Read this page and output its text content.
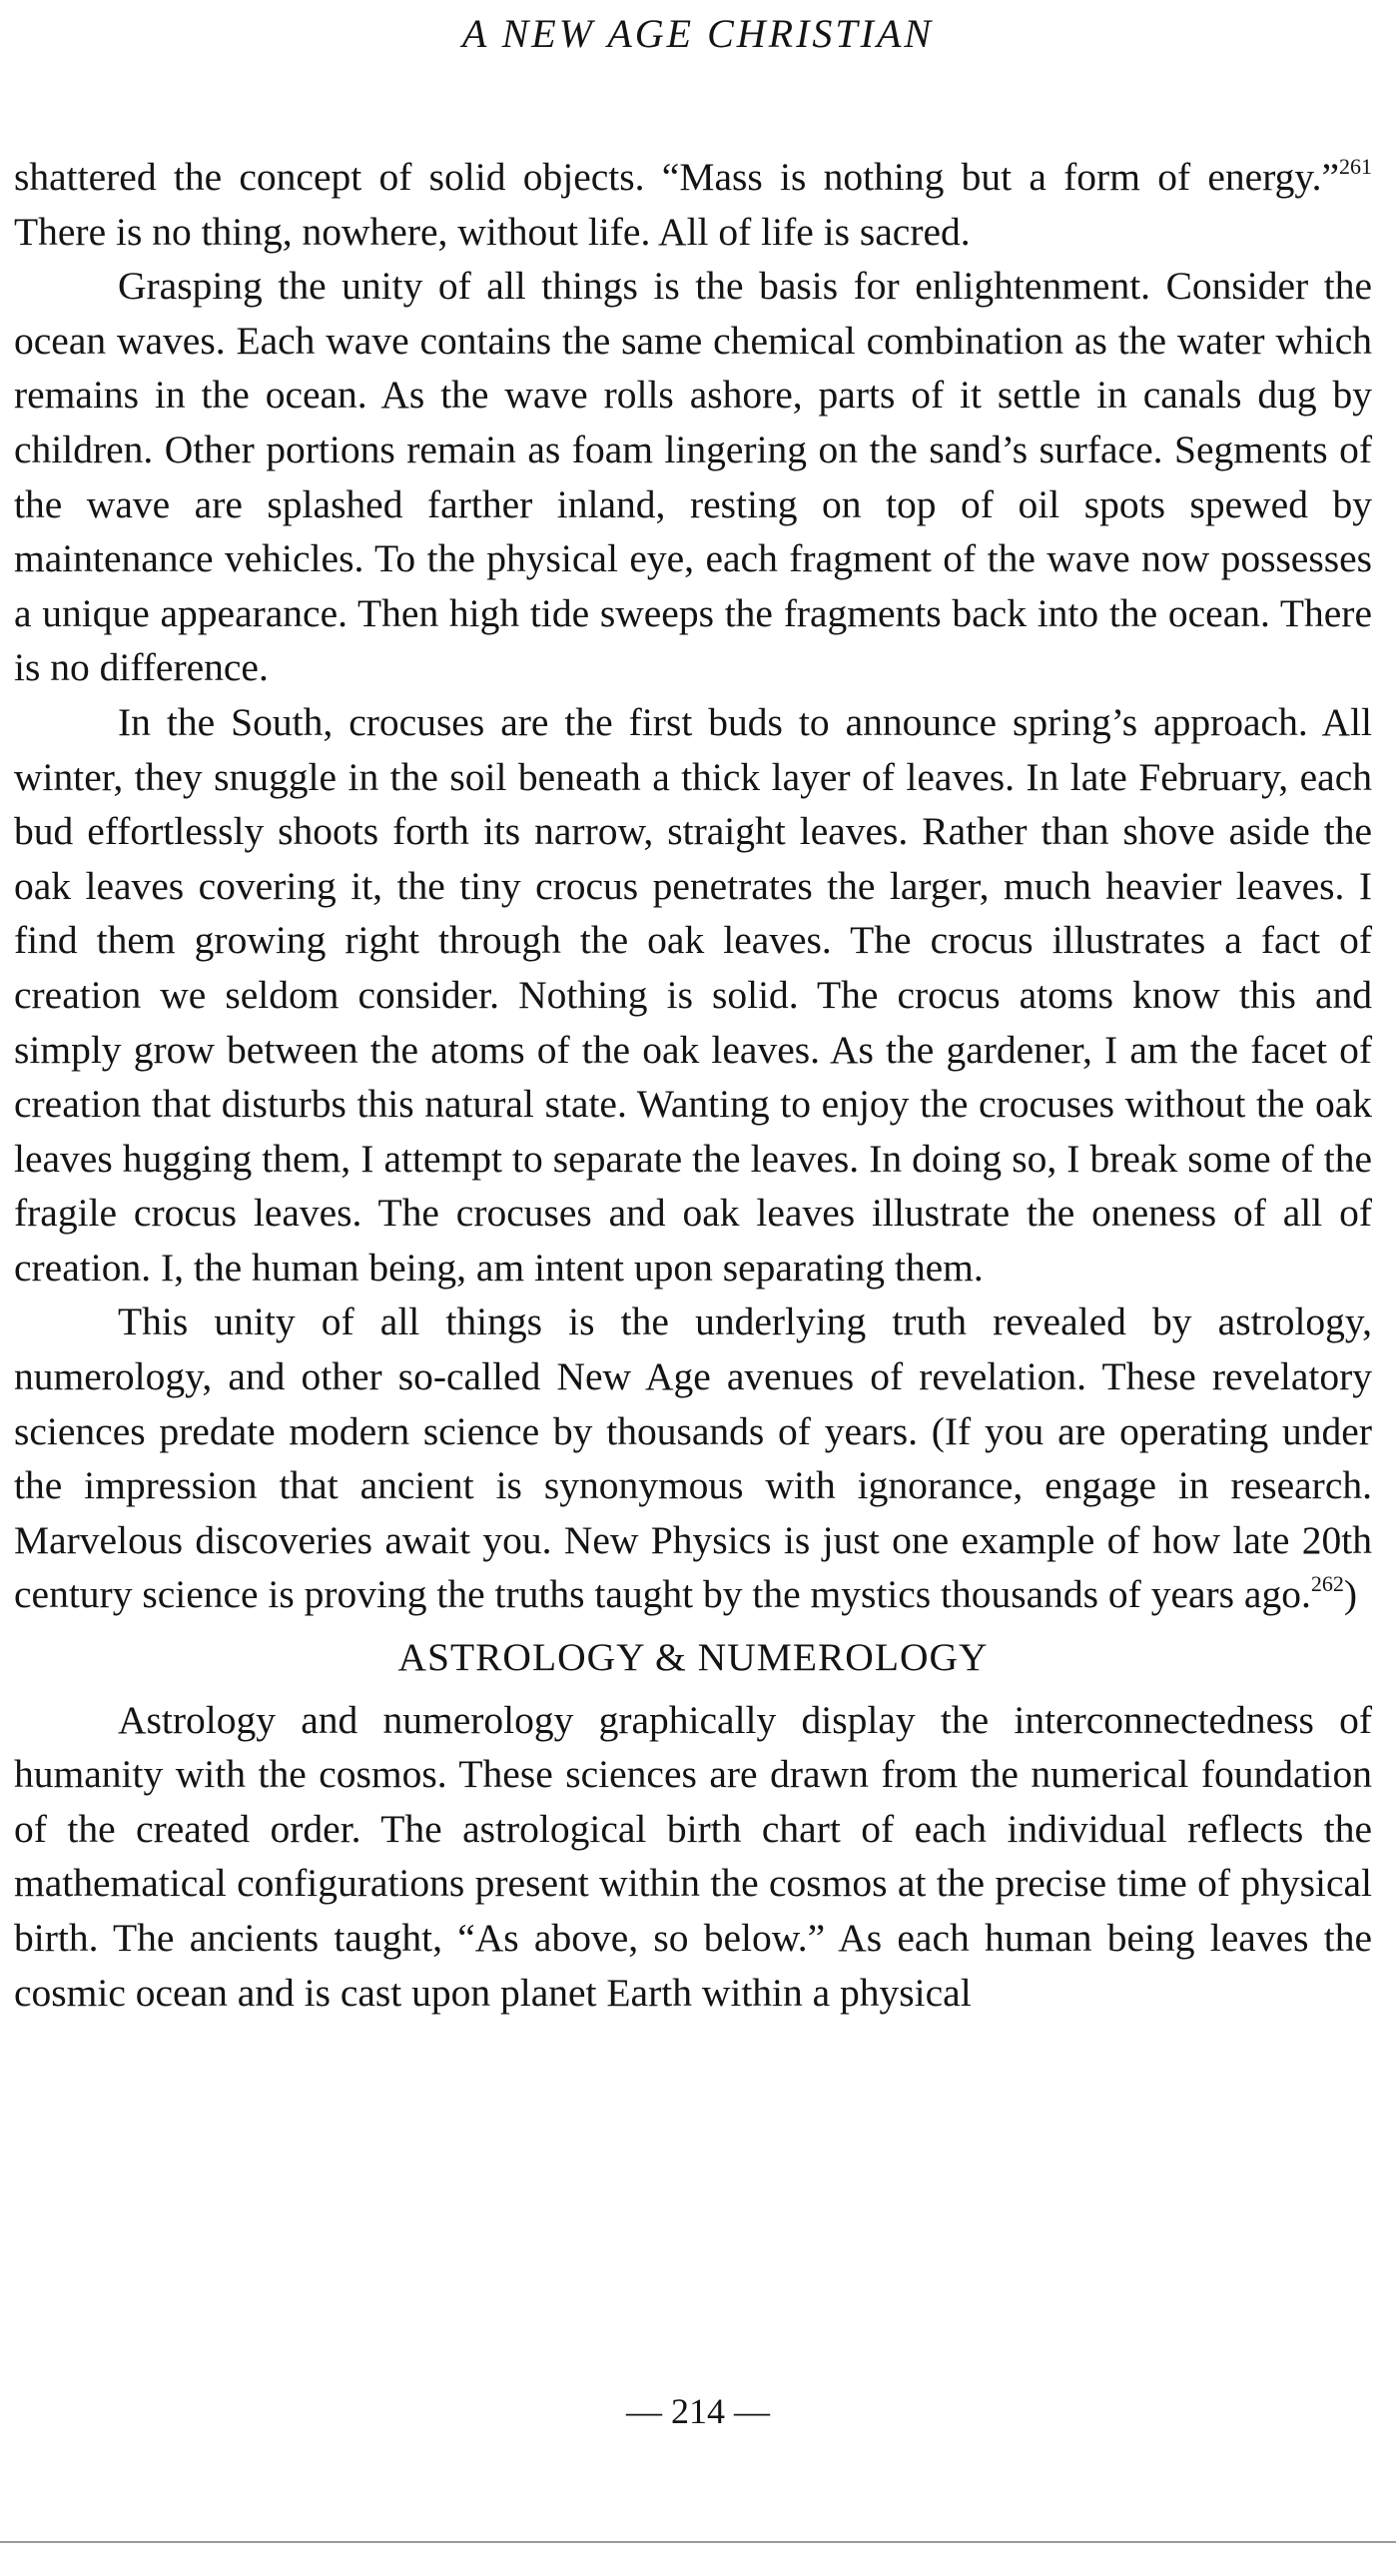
A NEW AGE CHRISTIAN

shattered the concept of solid objects. “Mass is nothing but a form of energy.”$^{261}$ There is no thing, nowhere, without life. All of life is sacred.

Grasping the unity of all things is the basis for enlightenment. Consider the ocean waves. Each wave contains the same chemical combination as the water which remains in the ocean. As the wave rolls ashore, parts of it settle in canals dug by children. Other portions remain as foam lingering on the sand’s surface. Segments of the wave are splashed farther inland, resting on top of oil spots spewed by maintenance vehicles. To the physical eye, each fragment of the wave now possesses a unique appearance. Then high tide sweeps the fragments back into the ocean. There is no difference.

In the South, crocuses are the first buds to announce spring’s approach. All winter, they snuggle in the soil beneath a thick layer of leaves. In late February, each bud effortlessly shoots forth its narrow, straight leaves. Rather than shove aside the oak leaves covering it, the tiny crocus penetrates the larger, much heavier leaves. I find them growing right through the oak leaves. The crocus illustrates a fact of creation we seldom consider. Nothing is solid. The crocus atoms know this and simply grow between the atoms of the oak leaves. As the gardener, I am the facet of creation that disturbs this natural state. Wanting to enjoy the crocuses without the oak leaves hugging them, I attempt to separate the leaves. In doing so, I break some of the fragile crocus leaves. The crocuses and oak leaves illustrate the oneness of all of creation. I, the human being, am intent upon separating them.

This unity of all things is the underlying truth revealed by astrology, numerology, and other so-called New Age avenues of revelation. These revelatory sciences predate modern science by thousands of years. (If you are operating under the impression that ancient is synonymous with ignorance, engage in research. Marvelous discoveries await you. New Physics is just one example of how late 20th century science is proving the truths taught by the mystics thousands of years ago.$^{262}$)

ASTROLOGY & NUMEROLOGY

Astrology and numerology graphically display the interconnectedness of humanity with the cosmos. These sciences are drawn from the numerical foundation of the created order. The astrological birth chart of each individual reflects the mathematical configurations present within the cosmos at the precise time of physical birth. The ancients taught, “As above, so below.” As each human being leaves the cosmic ocean and is cast upon planet Earth within a physical

— 214 —
